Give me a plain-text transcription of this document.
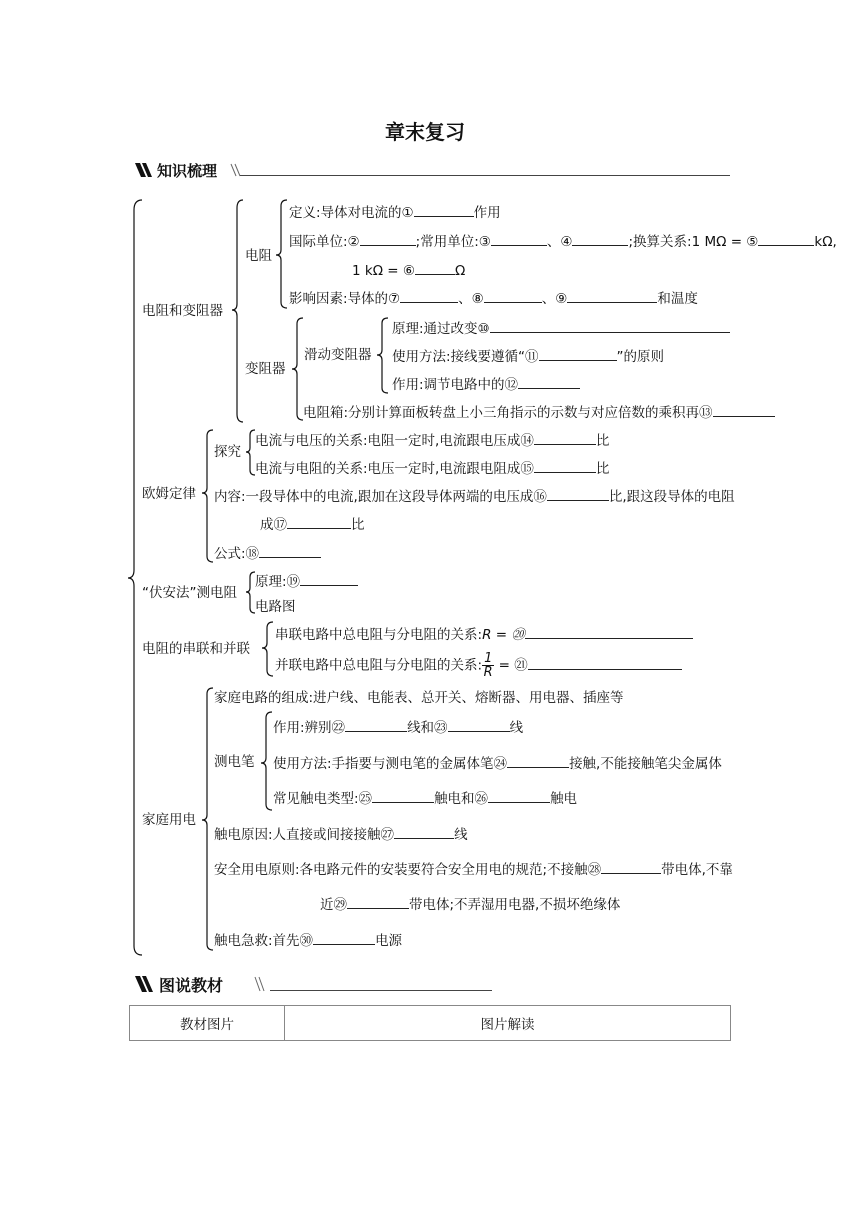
章末复习
知识梳理
电阻和变阻器
欧姆定律
“伏安法”测电阻
电阻的串联和并联
家庭用电
电阻
定义:导体对电流的①	作用
国际单位:②	;常用单位:③	、④	;换算关系:1 MΩ = ⑤	kΩ,
1 kΩ = ⑥	Ω
影响因素:导体的⑦	、⑧	、⑨	和温度
变阻器
滑动变阻器
原理:通过改变⑩
使用方法:接线要遵循“⑪	”的原则
作用:调节电路中的⑫
电阻箱:分别计算面板转盘上小三角指示的示数与对应倍数的乘积再⑬
探究
电流与电压的关系:电阻一定时,电流跟电压成⑭	比
电流与电阻的关系:电压一定时,电流跟电阻成⑮	比
内容:一段导体中的电流,跟加在这段导体两端的电压成⑯	比,跟这段导体的电阻
成⑰	比
公式:⑱
原理:⑲
电路图
串联电路中总电阻与分电阻的关系:R = ⑳
并联电路中总电阻与分电阻的关系: $\frac{1}{R}$ = ㉑
家庭电路的组成:进户线、电能表、总开关、熔断器、用电器、插座等
测电笔
作用:辨别㉒	线和㉓	线
使用方法:手指要与测电笔的金属体笔㉔	接触,不能接触笔尖金属体
常见触电类型:㉕	触电和㉖	触电
触电原因:人直接或间接接触㉗	线
安全用电原则:各电路元件的安装要符合安全用电的规范;不接触㉘	带电体,不靠
近㉙	带电体;不弄湿用电器,不损坏绝缘体
触电急救:首先㉚	电源
图说教材
教材图片	图片解读
